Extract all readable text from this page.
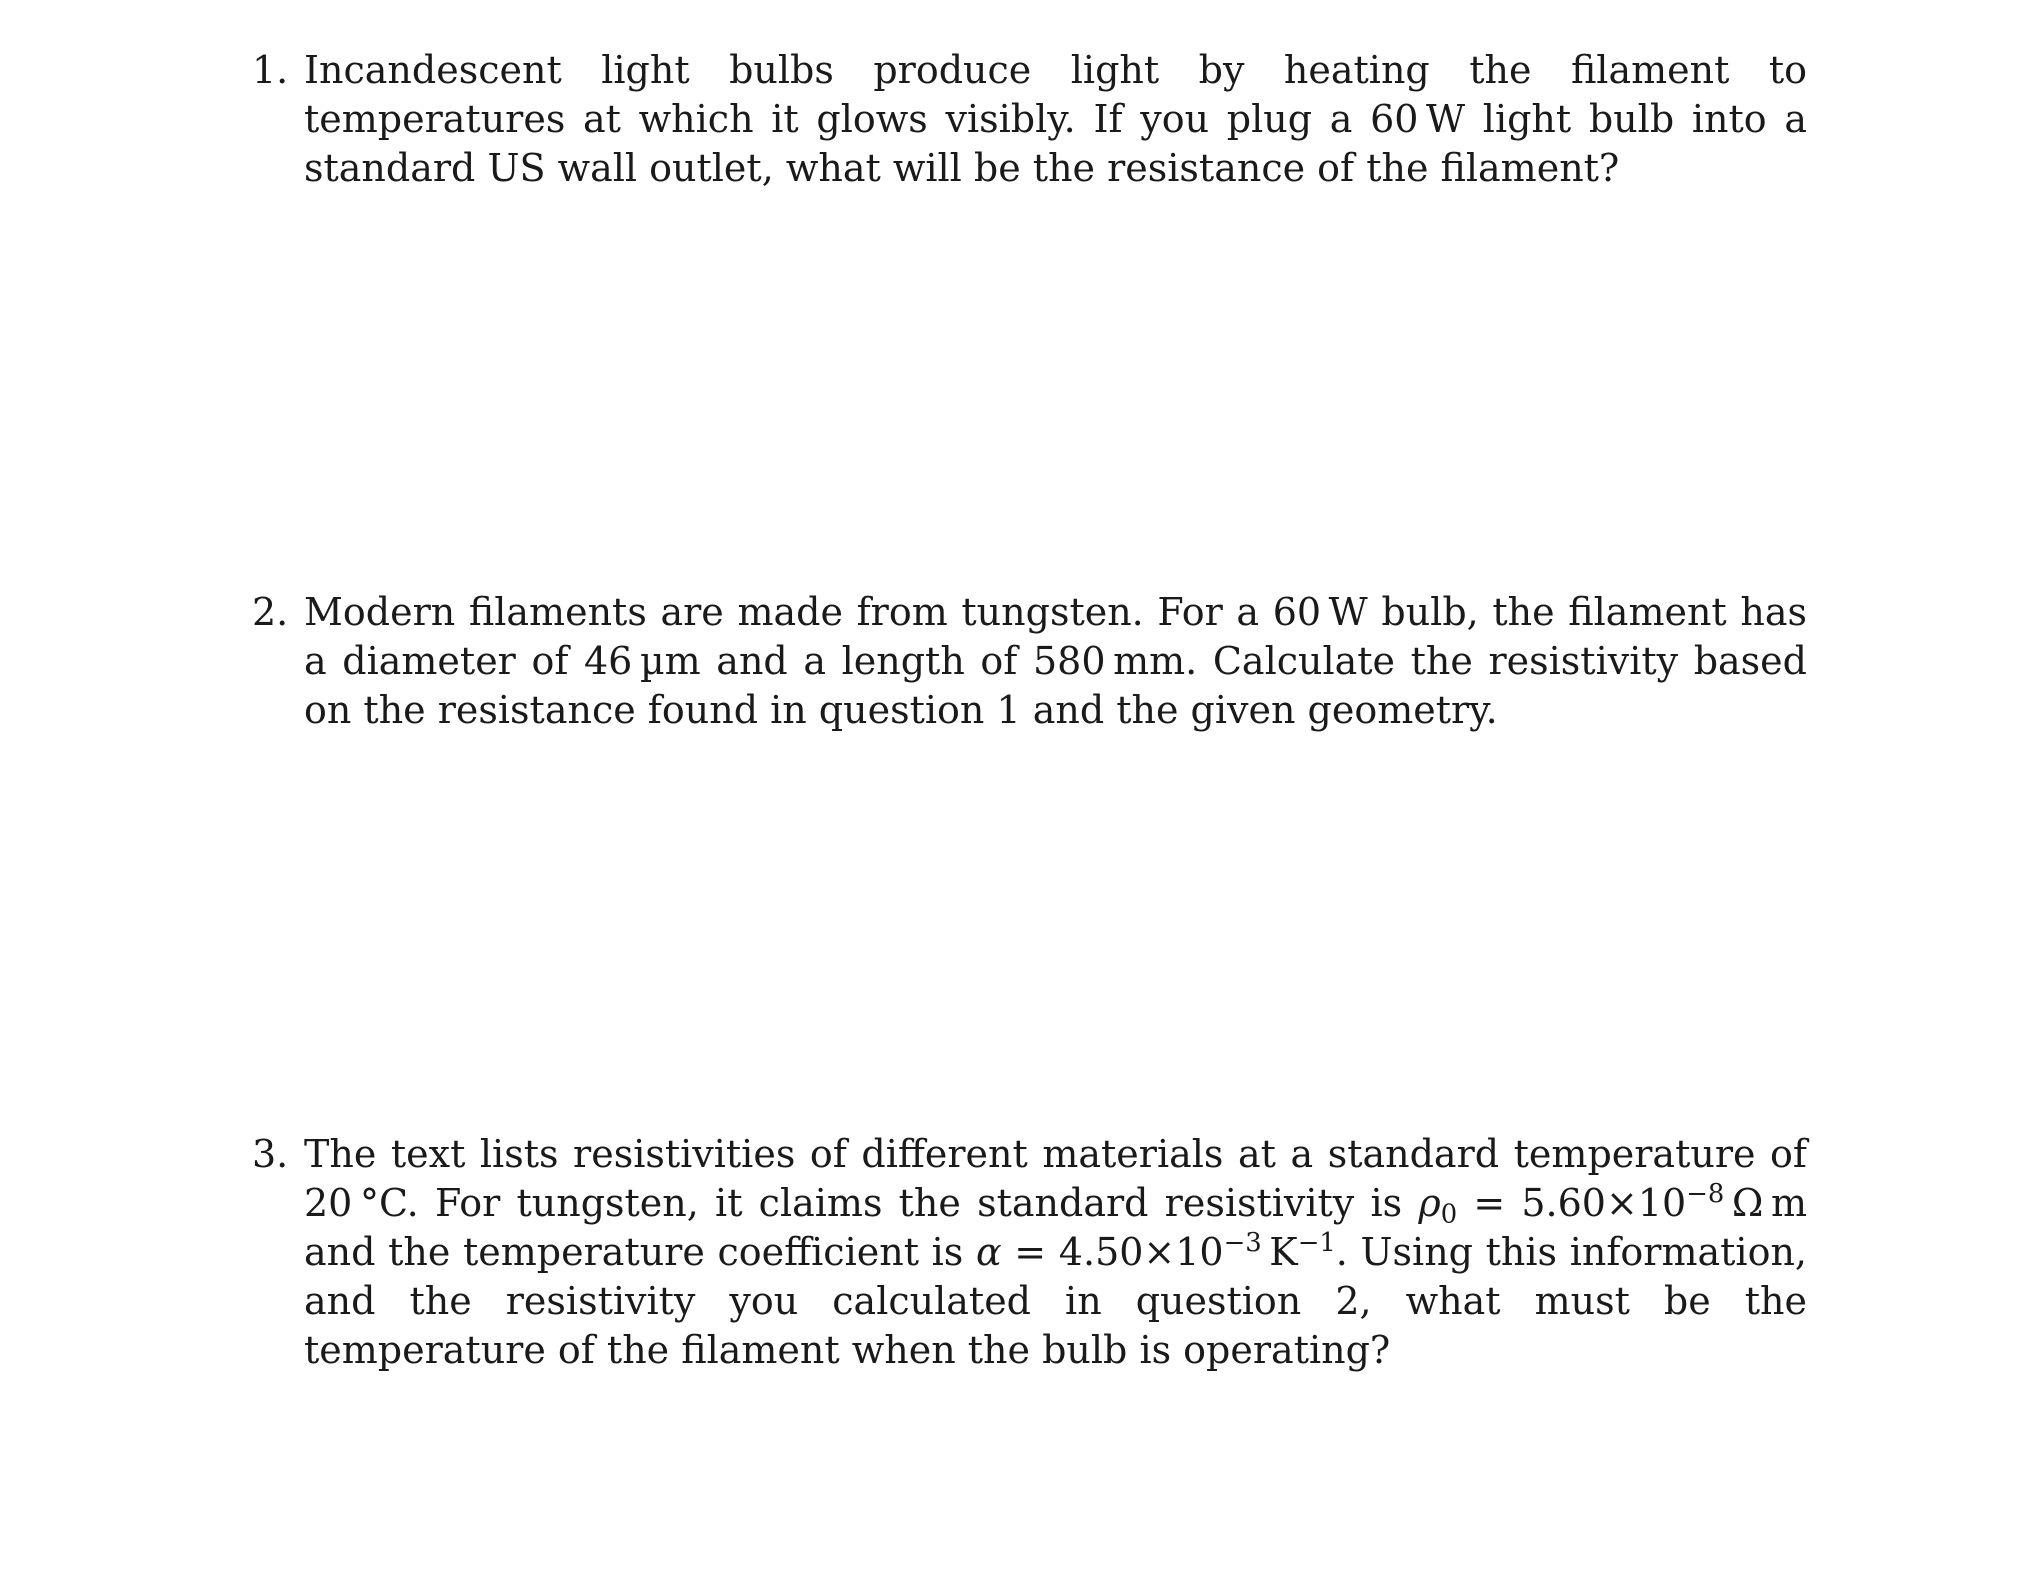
1. Incandescent light bulbs produce light by heating the filament to temperatures at which it glows visibly. If you plug a 60 W light bulb into a standard US wall outlet, what will be the resistance of the filament?
2. Modern filaments are made from tungsten. For a 60 W bulb, the filament has a diameter of 46 µm and a length of 580 mm. Calculate the resistivity based on the resistance found in question 1 and the given geometry.
3. The text lists resistivities of different materials at a standard temperature of 20 °C. For tungsten, it claims the standard resistivity is $\rho_0 = 5.60\times 10^{-8}$ Ω m and the temperature coefficient is $\alpha = 4.50\times 10^{-3}$ $K^{-1}$. Using this information, and the resistivity you calculated in question 2, what must be the temperature of the filament when the bulb is operating?
